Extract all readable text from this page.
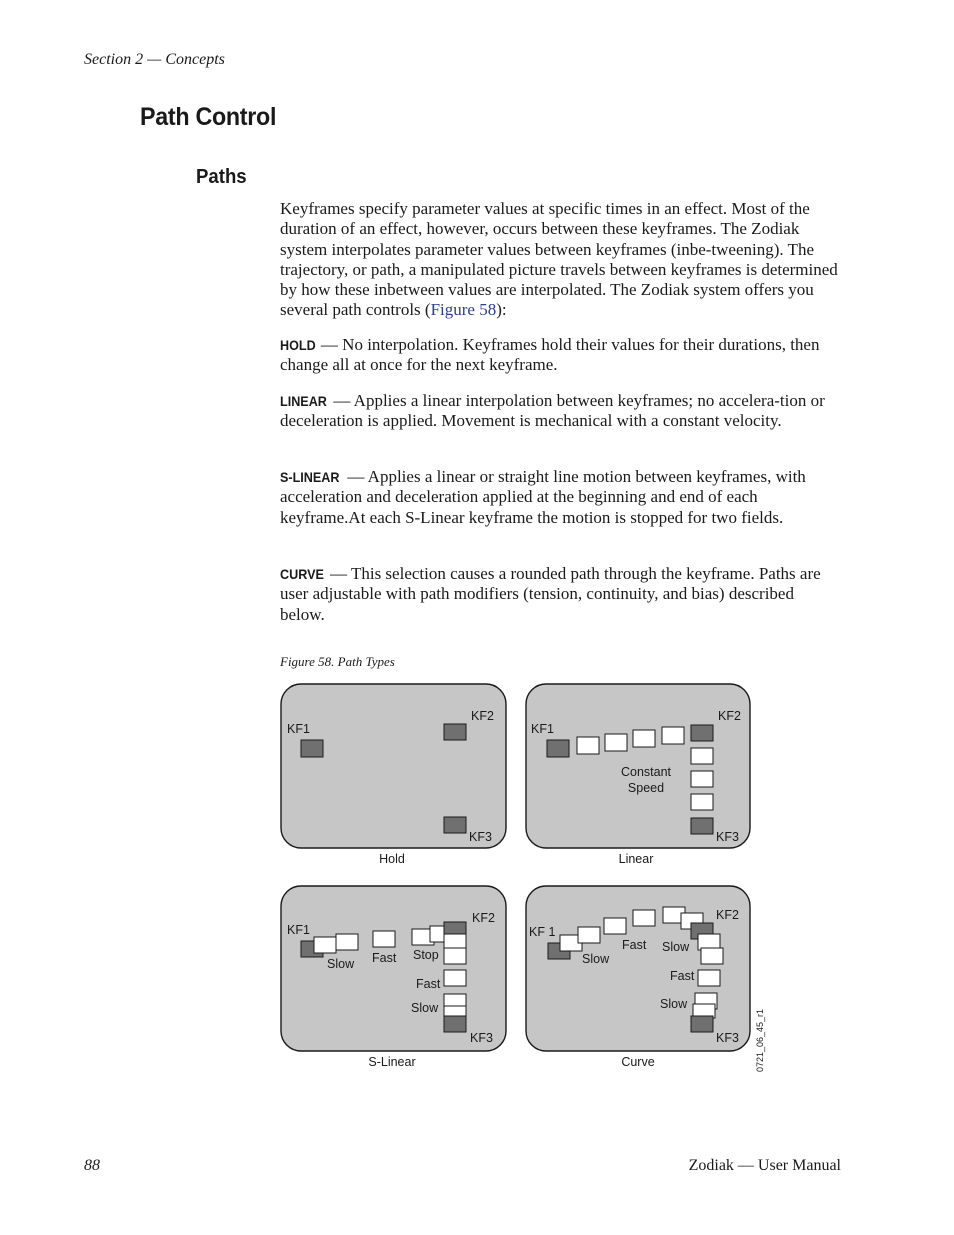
Section 2 — Concepts
Path Control
Paths
Keyframes specify parameter values at specific times in an effect. Most of the duration of an effect, however, occurs between these keyframes. The Zodiak system interpolates parameter values between keyframes (inbe-tweening). The trajectory, or path, a manipulated picture travels between keyframes is determined by how these inbetween values are interpolated. The Zodiak system offers you several path controls (Figure 58):
HOLD — No interpolation. Keyframes hold their values for their durations, then change all at once for the next keyframe.
LINEAR — Applies a linear interpolation between keyframes; no accelera-tion or deceleration is applied. Movement is mechanical with a constant velocity.
S-LINEAR — Applies a linear or straight line motion between keyframes, with acceleration and deceleration applied at the beginning and end of each keyframe.At each S-Linear keyframe the motion is stopped for two fields.
CURVE — This selection causes a rounded path through the keyframe. Paths are user adjustable with path modifiers (tension, continuity, and bias) described below.
Figure 58. Path Types
KF1
KF2
KF3
Hold
KF1
KF2
KF3
Constant
Speed
Linear
KF1
KF2
KF3
Slow Fast Stop
Fast
Slow
S-Linear
KF 1
KF2
KF3
Slow
Fast Slow
Fast
Slow
Curve	0721_06_45_r1
88	Zodiak — User Manual
